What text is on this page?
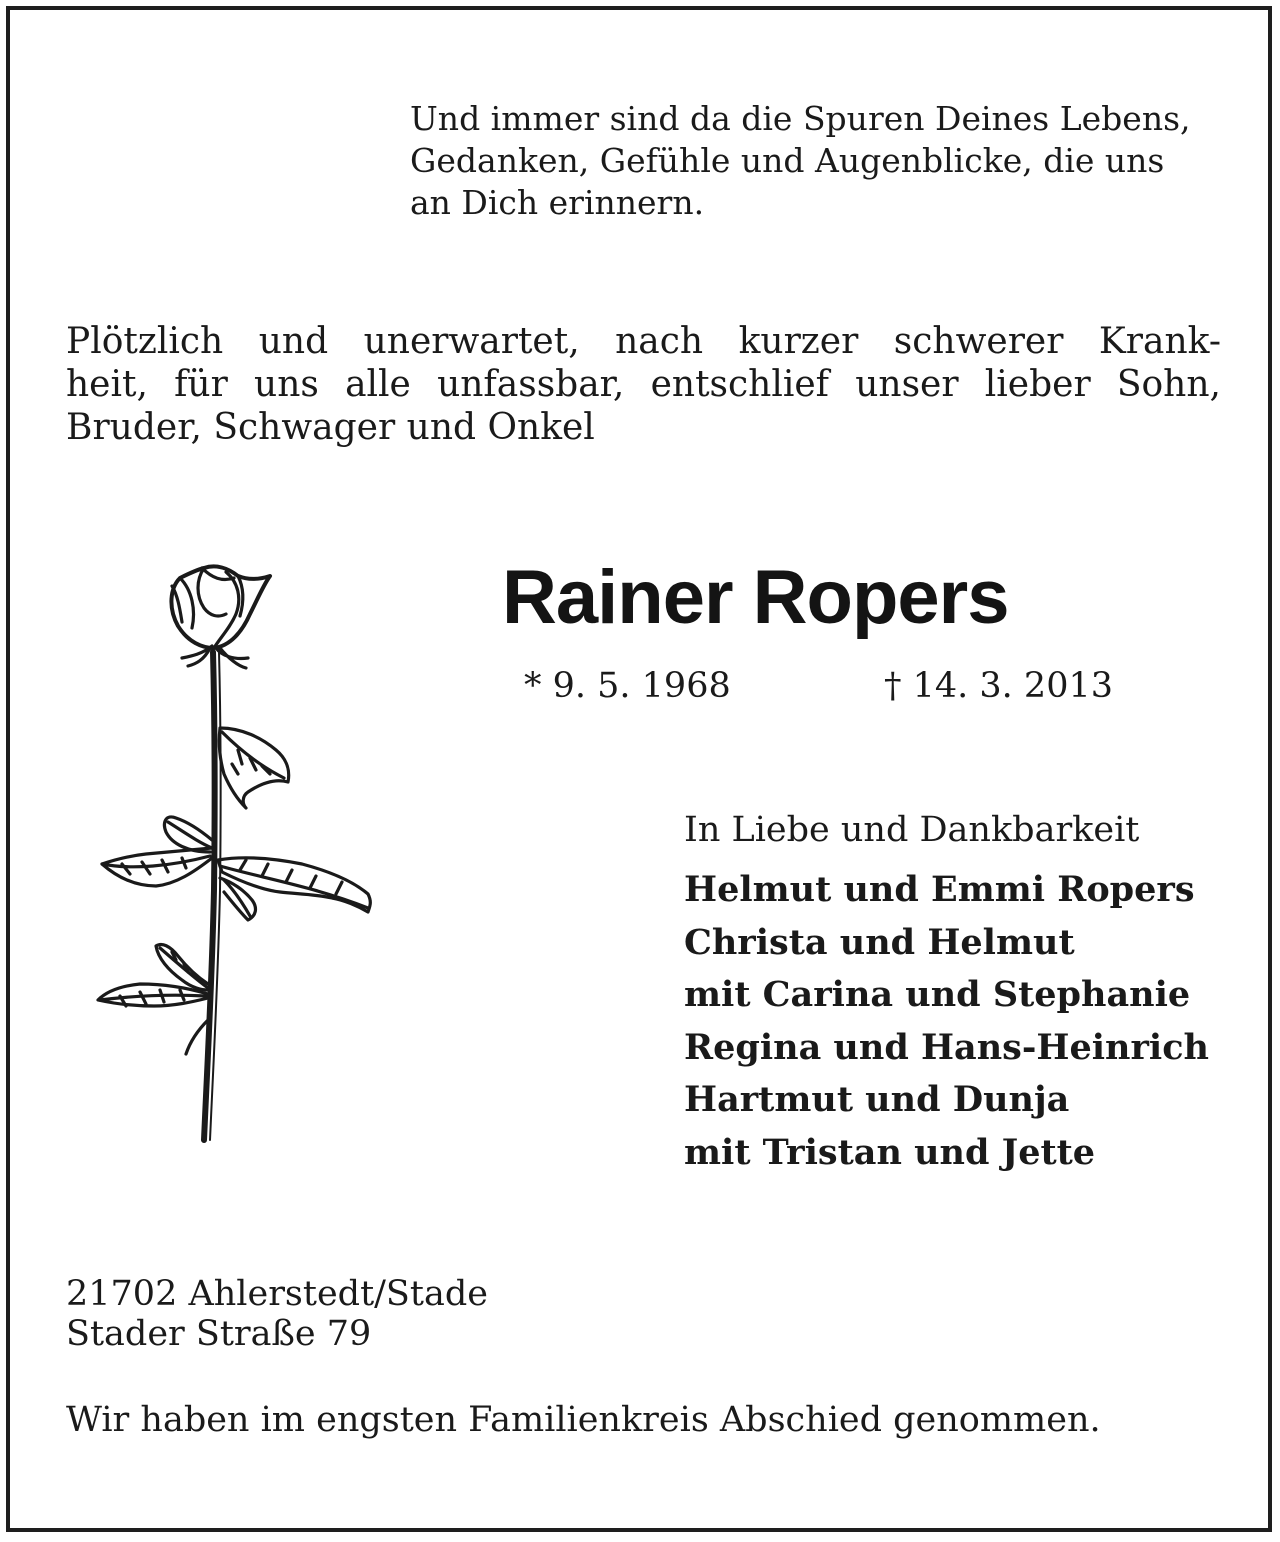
Und immer sind da die Spuren Deines Lebens,
Gedanken, Gefühle und Augenblicke, die uns
an Dich erinnern.
Plötzlich und unerwartet, nach kurzer schwerer Krank-
heit, für uns alle unfassbar, entschlief unser lieber Sohn,
Bruder, Schwager und Onkel
Rainer Ropers
* 9. 5. 1968	† 14. 3. 2013
In Liebe und Dankbarkeit
Helmut und Emmi Ropers
Christa und Helmut
mit Carina und Stephanie
Regina und Hans-Heinrich
Hartmut und Dunja
mit Tristan und Jette
21702 Ahlerstedt/Stade
Stader Straße 79
Wir haben im engsten Familienkreis Abschied genommen.
